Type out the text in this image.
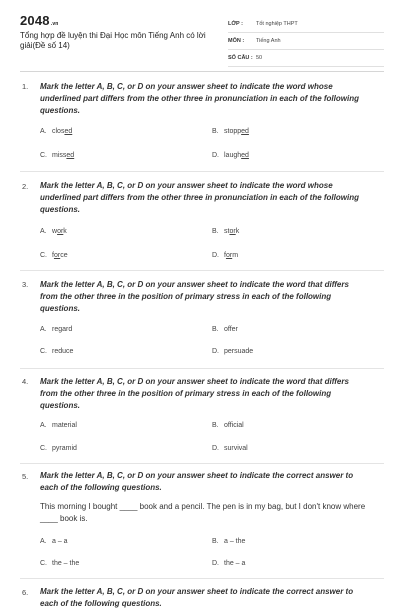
2048.vn
Tổng hợp đề luyện thi Đại Học môn Tiếng Anh có lời giải(Đề số 14)
LỚP :	Tốt nghiệp THPT
MÔN :	Tiếng Anh
SỐ CÂU : 50
1. Mark the letter A, B, C, or D on your answer sheet to indicate the word whose underlined part differs from the other three in pronunciation in each of the following questions.
A. closed	B. stopped
C. missed	D. laughed
2. Mark the letter A, B, C, or D on your answer sheet to indicate the word whose underlined part differs from the other three in pronunciation in each of the following questions.
A. work	B. stork
C. force	D. form
3. Mark the letter A, B, C, or D on your answer sheet to indicate the word that differs from the other three in the position of primary stress in each of the following questions.
A. regard	B. offer
C. reduce	D. persuade
4. Mark the letter A, B, C, or D on your answer sheet to indicate the word that differs from the other three in the position of primary stress in each of the following questions.
A. material	B. official
C. pyramid	D. survival
5. Mark the letter A, B, C, or D on your answer sheet to indicate the correct answer to each of the following questions.
This morning I bought ____ book and a pencil. The pen is in my bag, but I don't know where ____ book is.
A. a – a	B. a – the
C. the – the	D. the – a
6. Mark the letter A, B, C, or D on your answer sheet to indicate the correct answer to each of the following questions.
